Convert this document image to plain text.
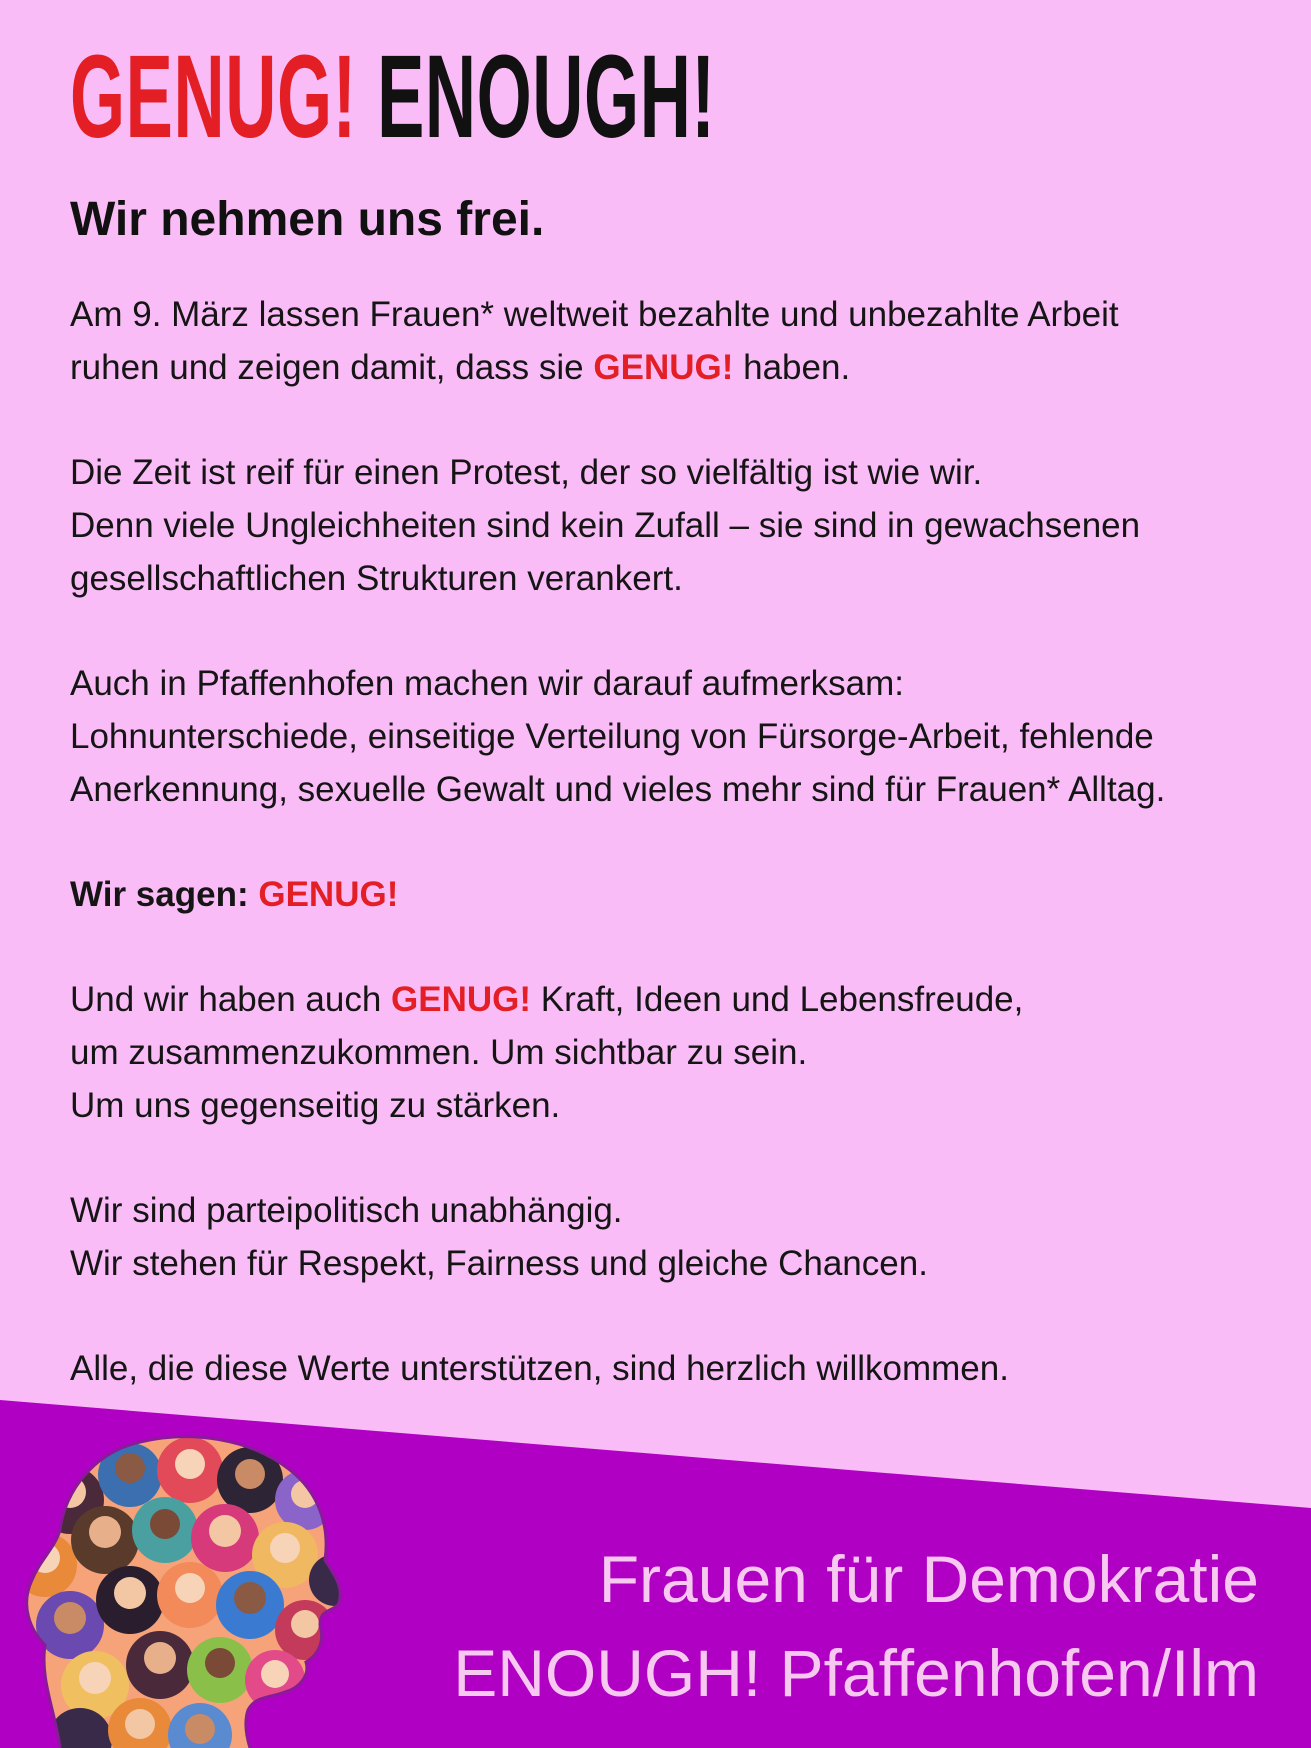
GENUG! ENOUGH!
Wir nehmen uns frei.

Am 9. März lassen Frauen* weltweit bezahlte und unbezahlte Arbeit
ruhen und zeigen damit, dass sie GENUG! haben.

Die Zeit ist reif für einen Protest, der so vielfältig ist wie wir.
Denn viele Ungleichheiten sind kein Zufall – sie sind in gewachsenen
gesellschaftlichen Strukturen verankert.

Auch in Pfaffenhofen machen wir darauf aufmerksam:
Lohnunterschiede, einseitige Verteilung von Fürsorge-Arbeit, fehlende
Anerkennung, sexuelle Gewalt und vieles mehr sind für Frauen* Alltag.

Wir sagen: GENUG!

Und wir haben auch GENUG! Kraft, Ideen und Lebensfreude,
um zusammenzukommen. Um sichtbar zu sein.
Um uns gegenseitig zu stärken.

Wir sind parteipolitisch unabhängig.
Wir stehen für Respekt, Fairness und gleiche Chancen.

Alle, die diese Werte unterstützen, sind herzlich willkommen.

Frauen für Demokratie
ENOUGH! Pfaffenhofen/Ilm
